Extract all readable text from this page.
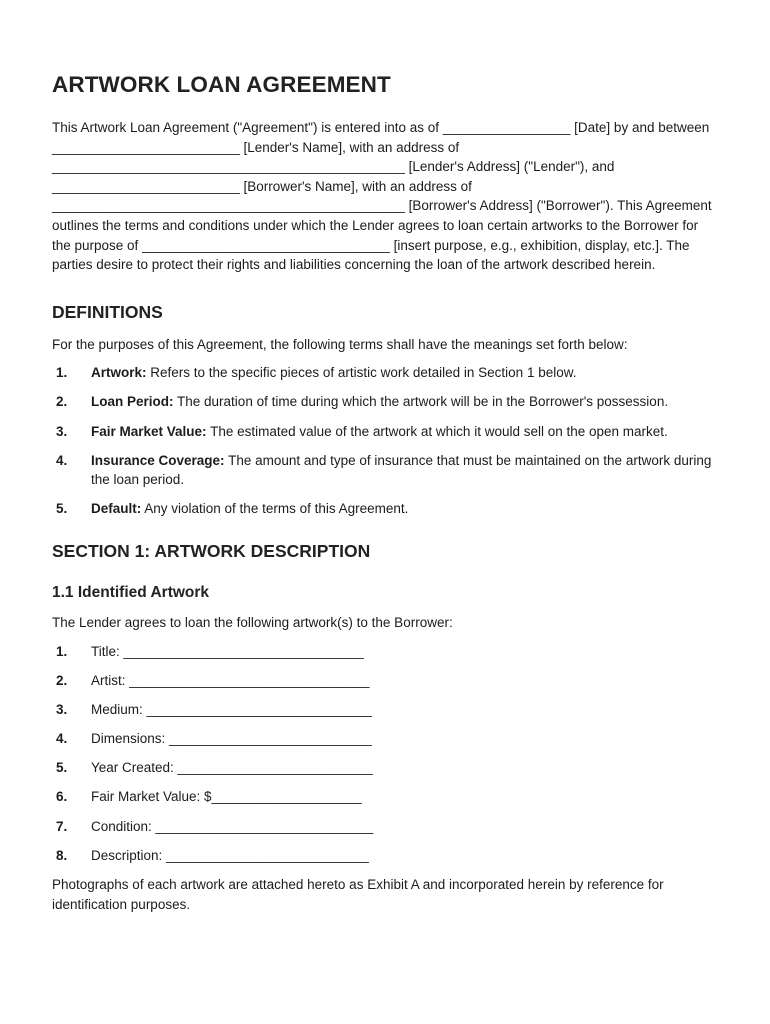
ARTWORK LOAN AGREEMENT

This Artwork Loan Agreement ("Agreement") is entered into as of _________________ [Date] by and between _________________________ [Lender's Name], with an address of _______________________________________________ [Lender's Address] ("Lender"), and _________________________ [Borrower's Name], with an address of _______________________________________________ [Borrower's Address] ("Borrower"). This Agreement outlines the terms and conditions under which the Lender agrees to loan certain artworks to the Borrower for the purpose of _________________________________ [insert purpose, e.g., exhibition, display, etc.]. The parties desire to protect their rights and liabilities concerning the loan of the artwork described herein.

DEFINITIONS

For the purposes of this Agreement, the following terms shall have the meanings set forth below:

1. Artwork: Refers to the specific pieces of artistic work detailed in Section 1 below.
2. Loan Period: The duration of time during which the artwork will be in the Borrower's possession.
3. Fair Market Value: The estimated value of the artwork at which it would sell on the open market.
4. Insurance Coverage: The amount and type of insurance that must be maintained on the artwork during the loan period.
5. Default: Any violation of the terms of this Agreement.
SECTION 1: ARTWORK DESCRIPTION
1.1 Identified Artwork

The Lender agrees to loan the following artwork(s) to the Borrower:

1. Title: ________________________________
2. Artist: ________________________________
3. Medium: ______________________________
4. Dimensions: ___________________________
5. Year Created: __________________________
6. Fair Market Value: $____________________
7. Condition: _____________________________
8. Description: ___________________________

Photographs of each artwork are attached hereto as Exhibit A and incorporated herein by reference for identification purposes.
